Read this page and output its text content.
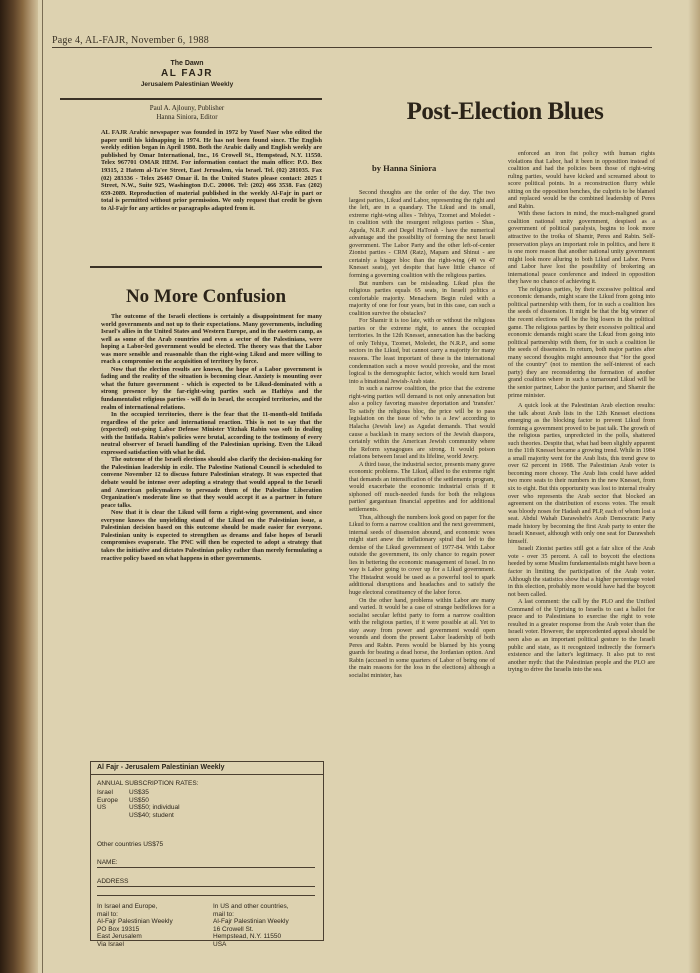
Page 4, AL-FAJR, November 6, 1988
The Dawn
AL FAJR
Jerusalem Palestinian Weekly
Paul A. Ajlouny, Publisher
Hanna Siniora, Editor
AL FAJR Arabic newspaper was founded in 1972 by Yusef Nasr who edited the paper until his kidnapping in 1974. He has not been found since. The English weekly edition began in April 1980. Both the Arabic daily and English weekly are published by Omar International, Inc., 16 Crowell St., Hempstead, N.Y. 11550. Telex 967701 OMAR HEM. For information contact the main office: P.O. Box 19315, 2 Hatem al-Ta'ee Street, East Jerusalem, via Israel. Tel. (02) 281035. Fax (02) 283336 - Telex 26467 Omar il. In the United States please contact: 2025 I Street, N.W., Suite 925, Washington D.C. 20006. Tel: (202) 466 3538. Fax (202) 659-2089. Reproduction of material published in the weekly Al-Fajr in part or total is permitted without prior permission. We only request that credit be given to Al-Fajr for any articles or paragraphs adapted from it.
No More Confusion

The outcome of the Israeli elections is certainly a disappointment for many world governments and not up to their expectations. Many governments, including Israel's allies in the United States and Western Europe, and in the eastern camp, as well as some of the Arab countries and even a sector of the Palestinians, were hoping a Labor-led government would be elected. The theory was that the Labor was more sensible and reasonable than the right-wing Likud and more willing to reach a compromise on the acquisition of territory by force.

Now that the election results are known, the hope of a Labor government is fading and the reality of the situation is becoming clear. Anxiety is mounting over what the future government - which is expected to be Likud-dominated with a strong presence by the far-right-wing parties such as Hathiya and the fundamentalist religious parties - will do in Israel, the occupied territories, and the realm of international relations.

In the occupied territories, there is the fear that the 11-month-old Intifada regardless of the price and international reaction. This is not to say that the (expected) out-going Labor Defense Minister Yitzhak Rabin was soft in dealing with the Intifada. Rabin's policies were brutal, according to the testimony of every neutral observer of Israeli handling of the Palestinian uprising. Even the Likud expressed satisfaction with what he did.

The outcome of the Israeli elections should also clarify the decision-making for the Palestinian leadership in exile. The Palestine National Council is scheduled to convene November 12 to discuss future Palestinian strategy. It was expected that debate would be intense over adopting a strategy that would appeal to the Israeli and American policymakers to persuade them of the Palestine Liberation Organization's moderate line so that they would accept it as a partner in future peace talks.

Now that it is clear the Likud will form a right-wing government, and since everyone knows the unyielding stand of the Likud on the Palestinian issue, a Palestinian decision based on this outcome should be made easier for everyone. Palestinian unity is expected to strengthen as dreams and false hopes of Israeli compromises evaporate. The PNC will then be expected to adopt a strategy that takes the initiative and dictates Palestinian policy rather than merely formulating a reactive policy based on what happens in other governments.

Al Fajr - Jerusalem Palestinian Weekly
ANNUAL SUBSCRIPTION RATES:
Israel US$35
Europe US$50
US	US$50; individual
US$40; student
Other countries US$75
NAME:
ADDRESS
In Israel and Europe,
mail to:
Al-Fajr Palestinian Weekly
PO Box 19315
East Jerusalem
Via Israel
In US and other countries,
mail to:
Al-Fajr Palestinian Weekly
16 Crowell St.
Hempstead, N.Y. 11550
USA
Post-Election Blues
by Hanna Siniora

Second thoughts are the order of the day. The two largest parties, Likud and Labor, representing the right and the left, are in a quandary. The Likud and its small, extreme right-wing allies - Tehiya, Tzomet and Moledet - in coalition with the resurgent religious parties - Shas, Aguda, N.R.P. and Degel HaTorah - have the numerical advantage and the possibility of forming the next Israeli government. The Labor Party and the other left-of-center Zionist parties - CRM (Ratz), Mapam and Shinui - are certainly a bigger bloc than the right-wing (49 vs 47 Knesset seats), yet despite that have little chance of forming a governing coalition with the religious parties.

But numbers can be misleading. Likud plus the religious parties equals 65 seats, in Israeli politics a comfortable majority. Menachem Begin ruled with a majority of one for four years, but in this case, can such a coalition survive the obstacles?

For Shamir it is too late, with or without the religious parties or the extreme right, to annex the occupied territories. In the 12th Knesset, annexation has the backing of only Tehiya, Tzomet, Moledet, the N.R.P., and some sectors in the Likud, but cannot carry a majority for many reasons. The least important of these is the international condemnation such a move would provoke, and the most logical is the demographic factor, which would turn Israel into a binational Jewish-Arab state.

In such a narrow coalition, the price that the extreme right-wing parties will demand is not only annexation but also a policy favoring massive deportation and 'transfer.' To satisfy the religious bloc, the price will be to pass legislation on the issue of 'who is a Jew' according to Halacha (Jewish law) as Agudat demands. That would cause a backlash in many sectors of the Jewish diaspora, certainly within the American Jewish community where the Reform synagogues are strong. It would poison relations between Israel and its lifeline, world Jewry.

A third issue, the industrial sector, presents many grave economic problems. The Likud, allied to the extreme right that demands an intensification of the settlements program, would exacerbate the economic industrial crisis if it siphoned off much-needed funds for both the religious parties' gargantuan financial appetites and for additional settlements.

Thus, although the numbers look good on paper for the Likud to form a narrow coalition and the next government, internal seeds of dissension abound, and economic woes might start anew the inflationary spiral that led to the demise of the Likud government of 1977-84. With Labor outside the government, its only chance to regain power lies in bettering the economic management of Israel. In no way is Labor going to cover up for a Likud government. The Histadrut would be used as a powerful tool to spark additional disruptions and headaches and to satisfy the huge electoral constituency of the labor force.

On the other hand, problems within Labor are many and varied. It would be a case of strange bedfellows for a socialist secular leftist party to form a narrow coalition with the religious parties, if it were possible at all. Yet to stay away from power and government would open wounds and doom the present Labor leadership of both Peres and Rabin. Peres would be blamed by his young guards for beating a dead horse, the Jordanian option. And Rabin (accused in some quarters of Labor of being one of the main reasons for the loss in the elections) although a socialist minister, has

enforced an iron fist policy with human rights violations that Labor, had it been in opposition instead of coalition and had the policies been those of right-wing ruling parties, would have kicked and screamed about to score political points. In a reconstruction flurry while sitting on the opposition benches, the culprits to be blamed and replaced would be the combined leadership of Peres and Rabin.

With these factors in mind, the much-maligned grand coalition national unity government, despised as a government of political paralysis, begins to look more attractive to the troika of Shamir, Peres and Rabin. Self-preservation plays an important role in politics, and here it is one more reason that another national unity government might look more alluring to both Likud and Labor. Peres and Labor have lost the possibility of brokering an international peace conference and indeed in opposition they have no chance of achieving it.

The religious parties, by their excessive political and economic demands, might scare the Likud from going into political partnership with them, for in such a coalition lies the seeds of dissension. It might be that the big winner of the recent elections will be the big losers in the political game. The religious parties by their excessive political and economic demands might scare the Likud from going into political partnership with them, for in such a coalition lie the seeds of dissension. In return, both major parties after many second thoughts might announce that "for the good of the country" (not to mention the self-interest of each party) they are reconsidering the formation of another grand coalition where in such a turnaround Likud will be the senior partner, Labor the junior partner, and Shamir the prime minister.

A quick look at the Palestinian Arab election results: the talk about Arab lists in the 12th Knesset elections emerging as the blocking factor to prevent Likud from forming a government proved to be just talk. The growth of the religious parties, unpredicted in the polls, shattered such theories. Despite that, what had been slightly apparent in the 11th Knesset became a growing trend. While in 1984 a small majority went for the Arab lists, this trend grew to over 62 percent in 1988. The Palestinian Arab voter is becoming more choosy. The Arab lists could have added two more seats to their numbers in the new Knesset, from six to eight. But this opportunity was lost to internal rivalry over who represents the Arab sector that blocked an agreement on the distribution of excess votes. The result was bloody noses for Hadash and PLP, each of whom lost a seat. Abdul Wahab Darawsheh's Arab Democratic Party made history by becoming the first Arab party to enter the Israeli Knesset, although with only one seat for Darawsheh himself.

Israeli Zionist parties still got a fair slice of the Arab vote - over 35 percent. A call to boycott the elections heeded by some Muslim fundamentalists might have been a factor in limiting the participation of the Arab voter. Although the statistics show that a higher percentage voted in this election, probably more would have had the boycott not been called.

A last comment: the call by the PLO and the Unified Command of the Uprising to Israelis to cast a ballot for peace and to Palestinians to exercise the right to vote resulted in a greater response from the Arab voter than the Israeli voter. However, the unprecedented appeal should be seen also as an important political gesture to the Israeli public and state, as it recognized indirectly the former's existence and the latter's legitimacy. It also put to rest another myth: that the Palestinian people and the PLO are trying to drive the Israelis into the sea.
